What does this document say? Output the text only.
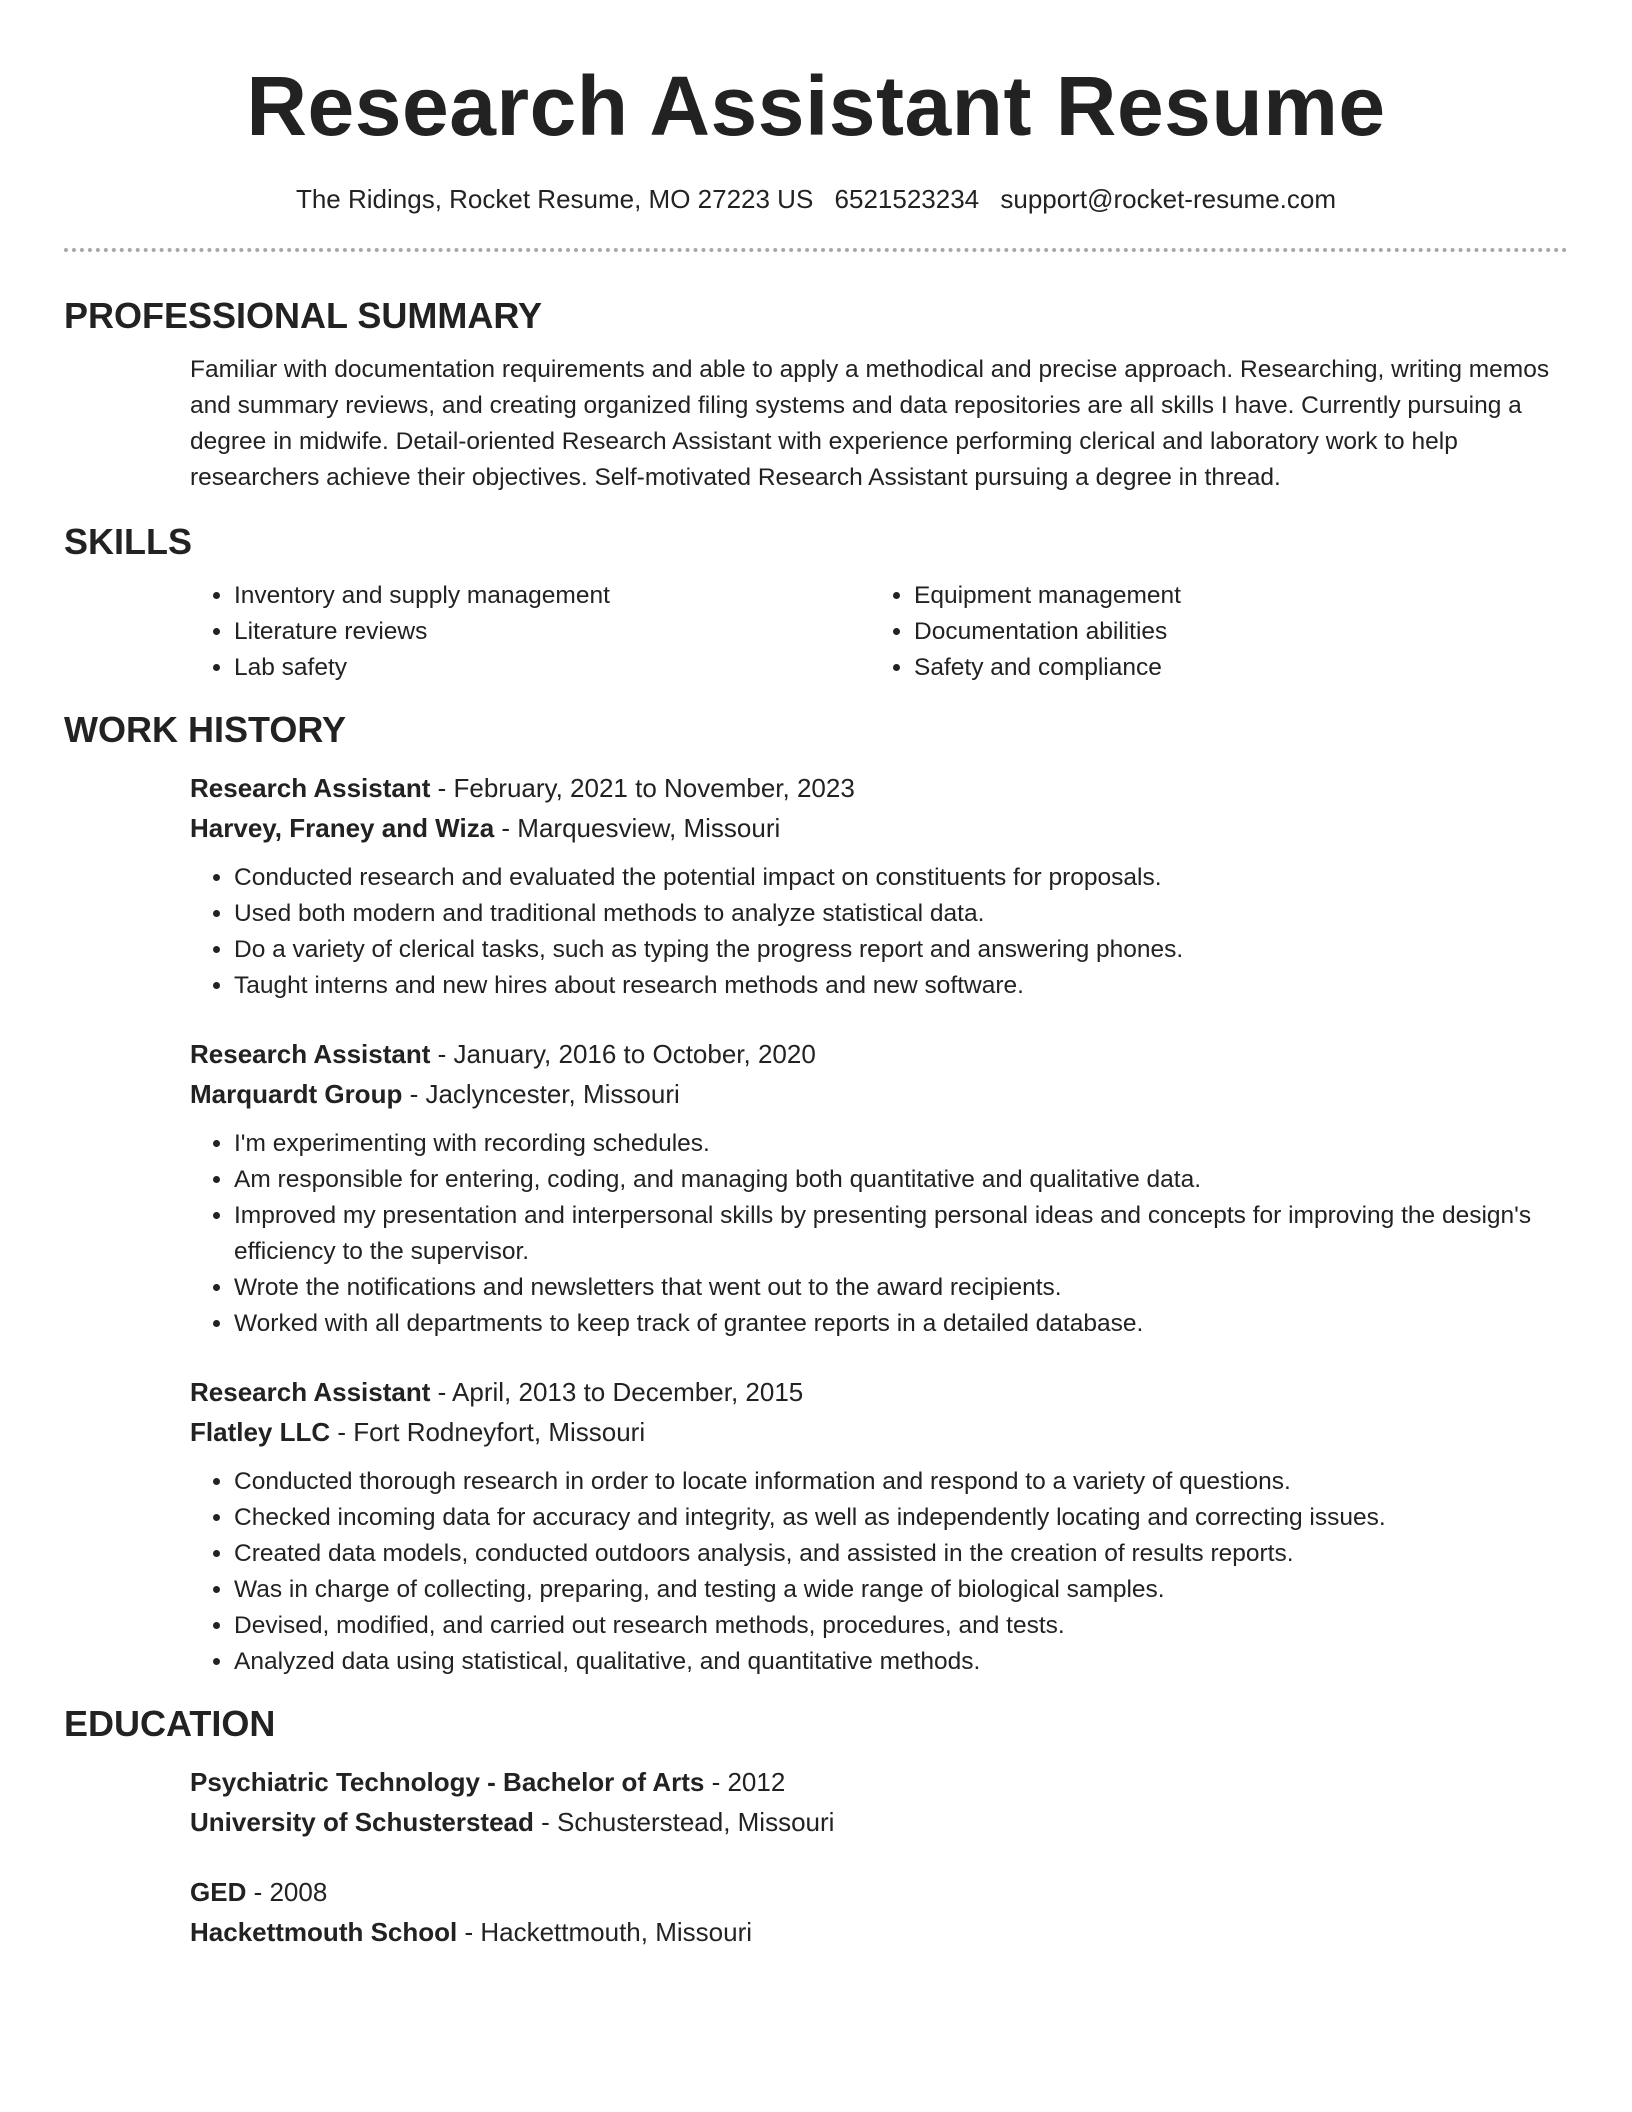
Research Assistant Resume
The Ridings, Rocket Resume, MO 27223 US 6521523234 support@rocket-resume.com
PROFESSIONAL SUMMARY

Familiar with documentation requirements and able to apply a methodical and precise approach. Researching, writing memos and summary reviews, and creating organized filing systems and data repositories are all skills I have. Currently pursuing a degree in midwife. Detail-oriented Research Assistant with experience performing clerical and laboratory work to help researchers achieve their objectives. Self-motivated Research Assistant pursuing a degree in thread.

SKILLS
• Inventory and supply management
• Literature reviews
• Lab safety
• Equipment management
• Documentation abilities
• Safety and compliance
WORK HISTORY
Research Assistant - February, 2021 to November, 2023
Harvey, Franey and Wiza - Marquesview, Missouri
• Conducted research and evaluated the potential impact on constituents for proposals.
• Used both modern and traditional methods to analyze statistical data.
• Do a variety of clerical tasks, such as typing the progress report and answering phones.
• Taught interns and new hires about research methods and new software.
Research Assistant - January, 2016 to October, 2020
Marquardt Group - Jaclyncester, Missouri
• I'm experimenting with recording schedules.
• Am responsible for entering, coding, and managing both quantitative and qualitative data.
• Improved my presentation and interpersonal skills by presenting personal ideas and concepts for improving the design's efficiency to the supervisor.
• Wrote the notifications and newsletters that went out to the award recipients.
• Worked with all departments to keep track of grantee reports in a detailed database.
Research Assistant - April, 2013 to December, 2015
Flatley LLC - Fort Rodneyfort, Missouri
• Conducted thorough research in order to locate information and respond to a variety of questions.
• Checked incoming data for accuracy and integrity, as well as independently locating and correcting issues.
• Created data models, conducted outdoors analysis, and assisted in the creation of results reports.
• Was in charge of collecting, preparing, and testing a wide range of biological samples.
• Devised, modified, and carried out research methods, procedures, and tests.
• Analyzed data using statistical, qualitative, and quantitative methods.
EDUCATION
Psychiatric Technology - Bachelor of Arts - 2012
University of Schusterstead - Schusterstead, Missouri
GED - 2008
Hackettmouth School - Hackettmouth, Missouri
